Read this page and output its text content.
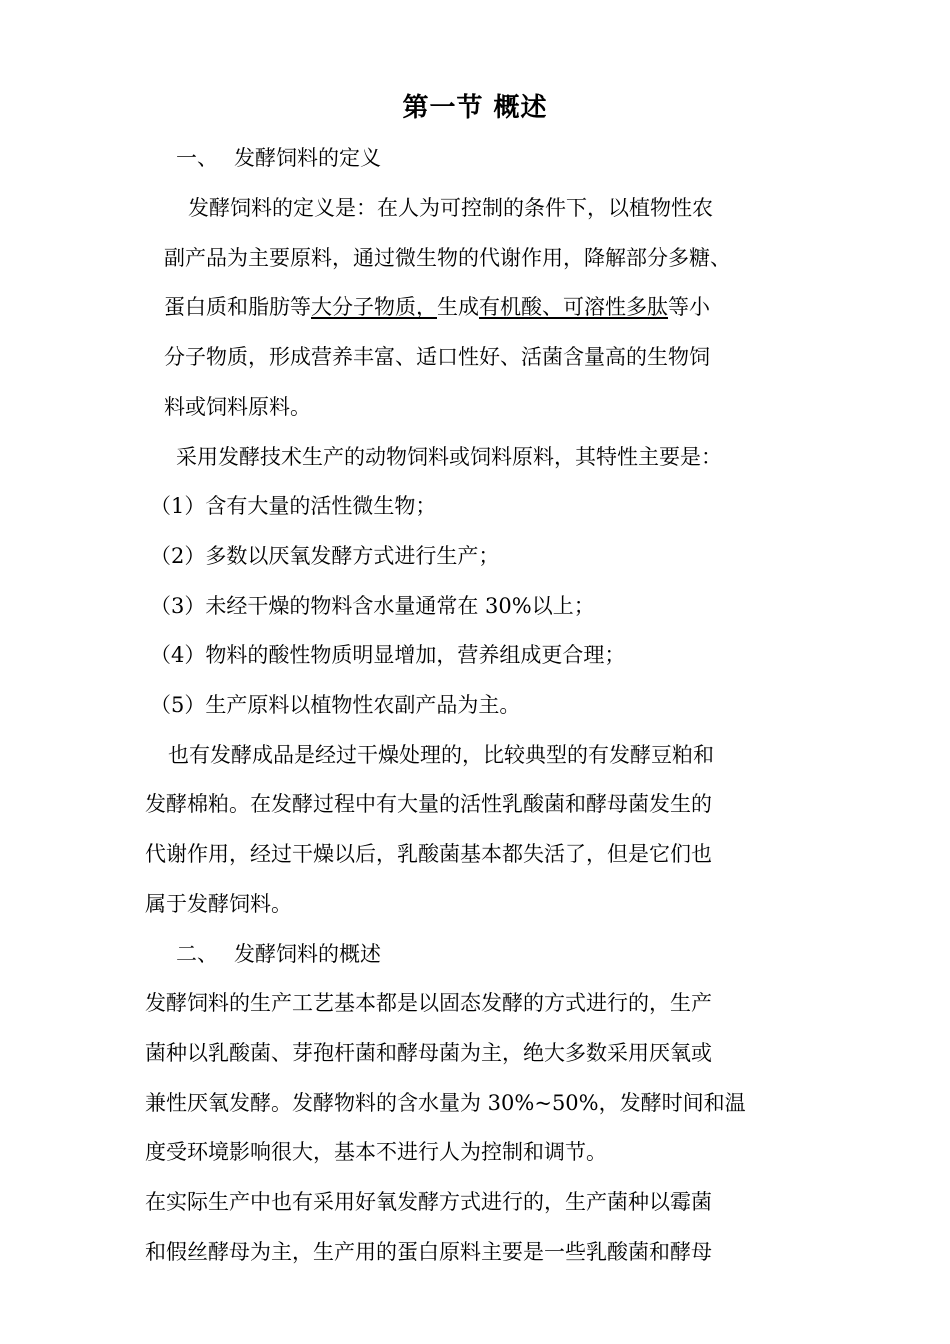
第一节 概述
一、 发酵饲料的定义
发酵饲料的定义是：在人为可控制的条件下，以植物性农
副产品为主要原料，通过微生物的代谢作用，降解部分多糖、
蛋白质和脂肪等大分子物质，生成有机酸、可溶性多肽等小
分子物质，形成营养丰富、适口性好、活菌含量高的生物饲
料或饲料原料。
采用发酵技术生产的动物饲料或饲料原料，其特性主要是：
（1）含有大量的活性微生物；
（2）多数以厌氧发酵方式进行生产；
（3）未经干燥的物料含水量通常在 30%以上；
（4）物料的酸性物质明显增加，营养组成更合理；
（5）生产原料以植物性农副产品为主。
也有发酵成品是经过干燥处理的，比较典型的有发酵豆粕和
发酵棉粕。在发酵过程中有大量的活性乳酸菌和酵母菌发生的
代谢作用，经过干燥以后，乳酸菌基本都失活了，但是它们也
属于发酵饲料。
二、 发酵饲料的概述
发酵饲料的生产工艺基本都是以固态发酵的方式进行的，生产
菌种以乳酸菌、芽孢杆菌和酵母菌为主，绝大多数采用厌氧或
兼性厌氧发酵。发酵物料的含水量为 30%~50%，发酵时间和温
度受环境影响很大，基本不进行人为控制和调节。
在实际生产中也有采用好氧发酵方式进行的，生产菌种以霉菌
和假丝酵母为主，生产用的蛋白原料主要是一些乳酸菌和酵母
